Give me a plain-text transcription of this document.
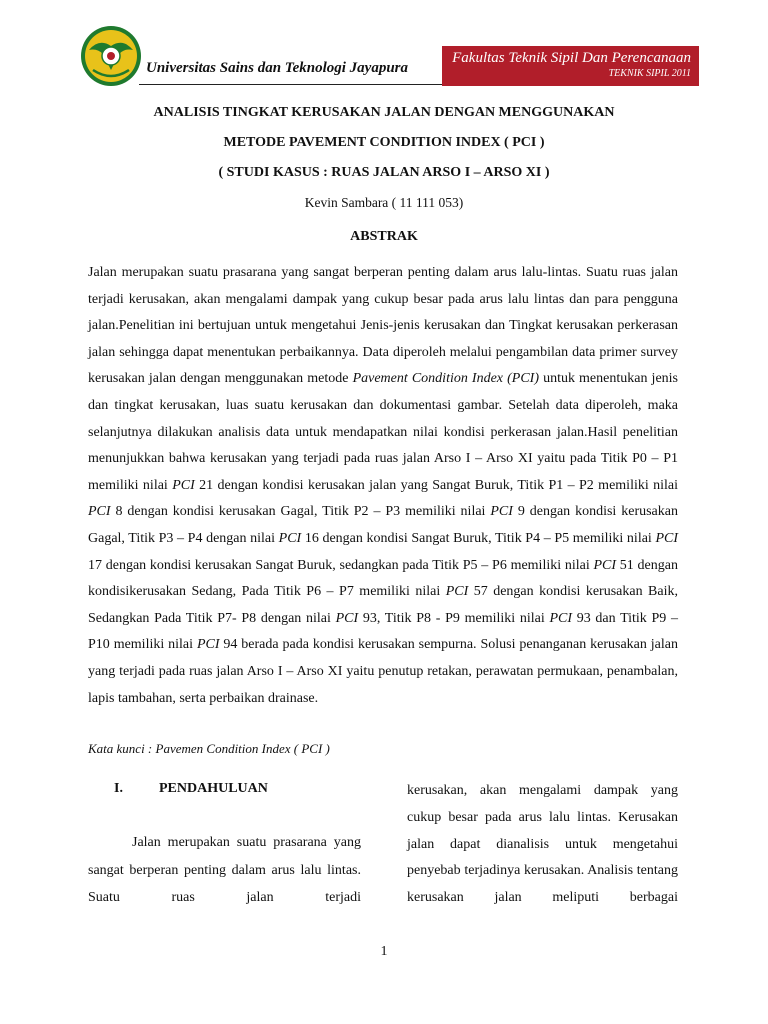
Universitas Sains dan Teknologi Jayapura
Fakultas Teknik Sipil Dan Perencanaan
TEKNIK SIPIL 2011
ANALISIS TINGKAT KERUSAKAN JALAN DENGAN MENGGUNAKAN
METODE PAVEMENT CONDITION INDEX ( PCI )
( STUDI KASUS : RUAS JALAN ARSO I – ARSO XI )
Kevin Sambara ( 11 111 053)
ABSTRAK

Jalan merupakan suatu prasarana yang sangat berperan penting dalam arus lalu-lintas. Suatu ruas jalan terjadi kerusakan, akan mengalami dampak yang cukup besar pada arus lalu lintas dan para pengguna jalan.Penelitian ini bertujuan untuk mengetahui Jenis-jenis kerusakan dan Tingkat kerusakan perkerasan jalan sehingga dapat menentukan perbaikannya. Data diperoleh melalui pengambilan data primer survey kerusakan jalan dengan menggunakan metode Pavement Condition Index (PCI) untuk menentukan jenis dan tingkat kerusakan, luas suatu kerusakan dan dokumentasi gambar. Setelah data diperoleh, maka selanjutnya dilakukan analisis data untuk mendapatkan nilai kondisi perkerasan jalan.Hasil penelitian menunjukkan bahwa kerusakan yang terjadi pada ruas jalan Arso I – Arso XI yaitu pada Titik P0 – P1 memiliki nilai PCI 21 dengan kondisi kerusakan jalan yang Sangat Buruk, Titik P1 – P2 memiliki nilai PCI 8 dengan kondisi kerusakan Gagal, Titik P2 – P3 memiliki nilai PCI 9 dengan kondisi kerusakan Gagal, Titik P3 – P4 dengan nilai PCI 16 dengan kondisi Sangat Buruk, Titik P4 – P5 memiliki nilai PCI 17 dengan kondisi kerusakan Sangat Buruk, sedangkan pada Titik P5 – P6 memiliki nilai PCI 51 dengan kondisikerusakan Sedang, Pada Titik P6 – P7 memiliki nilai PCI 57 dengan kondisi kerusakan Baik, Sedangkan Pada Titik P7- P8 dengan nilai PCI 93, Titik P8 - P9 memiliki nilai PCI 93 dan Titik P9 – P10 memiliki nilai PCI 94 berada pada kondisi kerusakan sempurna. Solusi penanganan kerusakan jalan yang terjadi pada ruas jalan Arso I – Arso XI yaitu penutup retakan, perawatan permukaan, penambalan, lapis tambahan, serta perbaikan drainase.

Kata kunci : Pavemen Condition Index ( PCI )
I.	PENDAHULUAN

Jalan merupakan suatu prasarana yang sangat berperan penting dalam arus lalu lintas. Suatu ruas jalan terjadi

kerusakan, akan mengalami dampak yang cukup besar pada arus lalu lintas. Kerusakan jalan dapat dianalisis untuk mengetahui penyebab terjadinya kerusakan. Analisis tentang kerusakan jalan meliputi berbagai

1
